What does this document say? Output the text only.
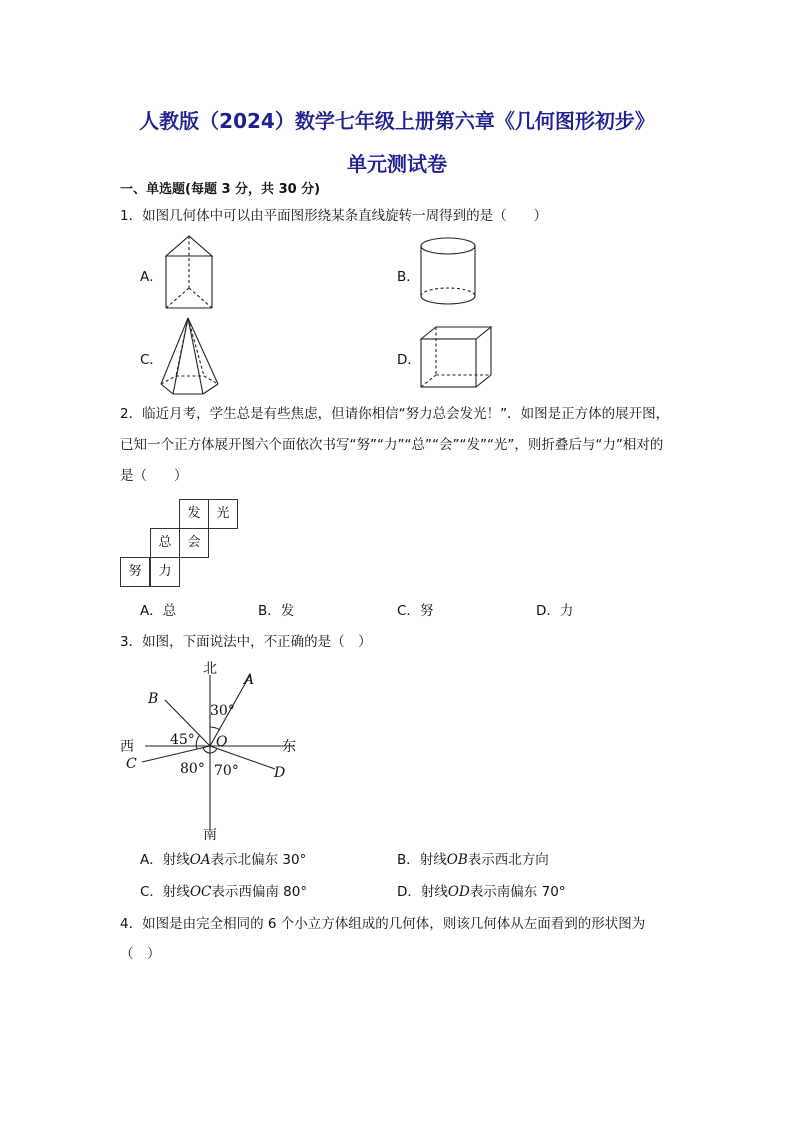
人教版（2024）数学七年级上册第六章《几何图形初步》
单元测试卷
一、单选题(每题 3 分，共 30 分)
1．如图几何体中可以由平面图形绕某条直线旋转一周得到的是（　　）
A．	B．
C．	D．
2．临近月考，学生总是有些焦虑，但请你相信“努力总会发光！”．如图是正方体的展开图，
已知一个正方体展开图六个面依次书写“努”“力”“总”“会”“发”“光”，则折叠后与“力”相对的
是（　　）
发	光
总	会
努	力
A．总	B．发	C．努	D．力
3．如图，下面说法中，不正确的是（　）
北
南
西	东
O
A
B
C
D
30°
45°
80° 70°
A．射线OA表示北偏东 30°	B．射线OB表示西北方向
C．射线OC表示西偏南 80°	D．射线OD表示南偏东 70°
4．如图是由完全相同的 6 个小立方体组成的几何体，则该几何体从左面看到的形状图为
（　）
